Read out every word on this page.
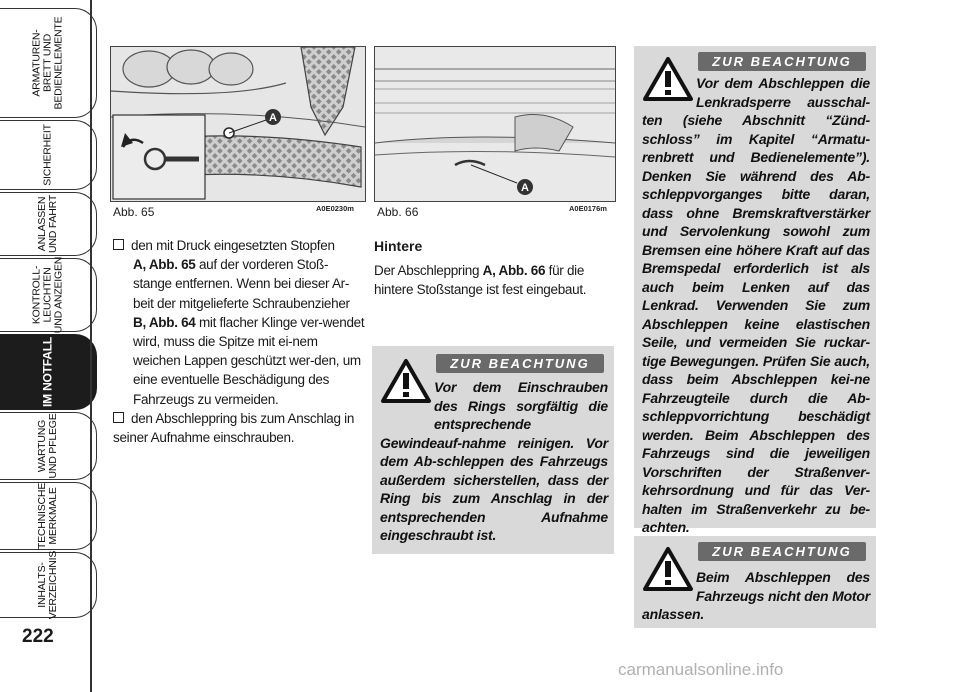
ARMATUREN-
BRETT UND
BEDIENELEMENTE
SICHERHEIT
ANLASSEN
UND FAHRT
KONTROLL-
LEUCHTEN
UND ANZEIGEN
IM NOTFALL
WARTUNG
UND PFLEGE
TECHNISCHE
MERKMALE
INHALTS-
VERZEICHNIS
222
A
Abb. 65	A0E0230m
A
Abb. 66	A0E0176m
den mit Druck eingesetzten Stopfen
A, Abb. 65 auf der vorderen Stoß-stange entfernen. Wenn bei dieser Ar-beit der mitgelieferte Schraubenzieher B, Abb. 64 mit flacher Klinge ver-wendet wird, muss die Spitze mit ei-nem weichen Lappen geschützt wer-den, um eine eventuelle Beschädigung des Fahrzeugs zu vermeiden.
den Abschleppring bis zum Anschlag in seiner Aufnahme einschrauben.
Hintere
Der Abschleppring A, Abb. 66 für die hintere Stoßstange ist fest eingebaut.
ZUR BEACHTUNG
Vor dem Einschrauben des Rings sorgfältig die entsprechende Gewindeauf-nahme reinigen. Vor dem Ab-schleppen des Fahrzeugs außerdem sicherstellen, dass der Ring bis zum Anschlag in der entsprechenden Aufnahme eingeschraubt ist.
ZUR BEACHTUNG
Vor dem Abschleppen die Lenkradsperre ausschal-ten (siehe Abschnitt “Zünd-schloss” im Kapitel “Armatu-renbrett und Bedienelemente”). Denken Sie während des Ab-schleppvorganges bitte daran, dass ohne Bremskraftverstärker und Servolenkung sowohl zum Bremsen eine höhere Kraft auf das Bremspedal erforderlich ist als auch beim Lenken auf das Lenkrad. Verwenden Sie zum Abschleppen keine elastischen Seile, und vermeiden Sie ruckar-tige Bewegungen. Prüfen Sie auch, dass beim Abschleppen kei-ne Fahrzeugteile durch die Ab-schleppvorrichtung beschädigt werden. Beim Abschleppen des Fahrzeugs sind die jeweiligen Vorschriften der Straßenver-kehrsordnung und für das Ver-halten im Straßenverkehr zu be-achten.
ZUR BEACHTUNG
Beim Abschleppen des Fahrzeugs nicht den Motor anlassen.
carmanualsonline.info
